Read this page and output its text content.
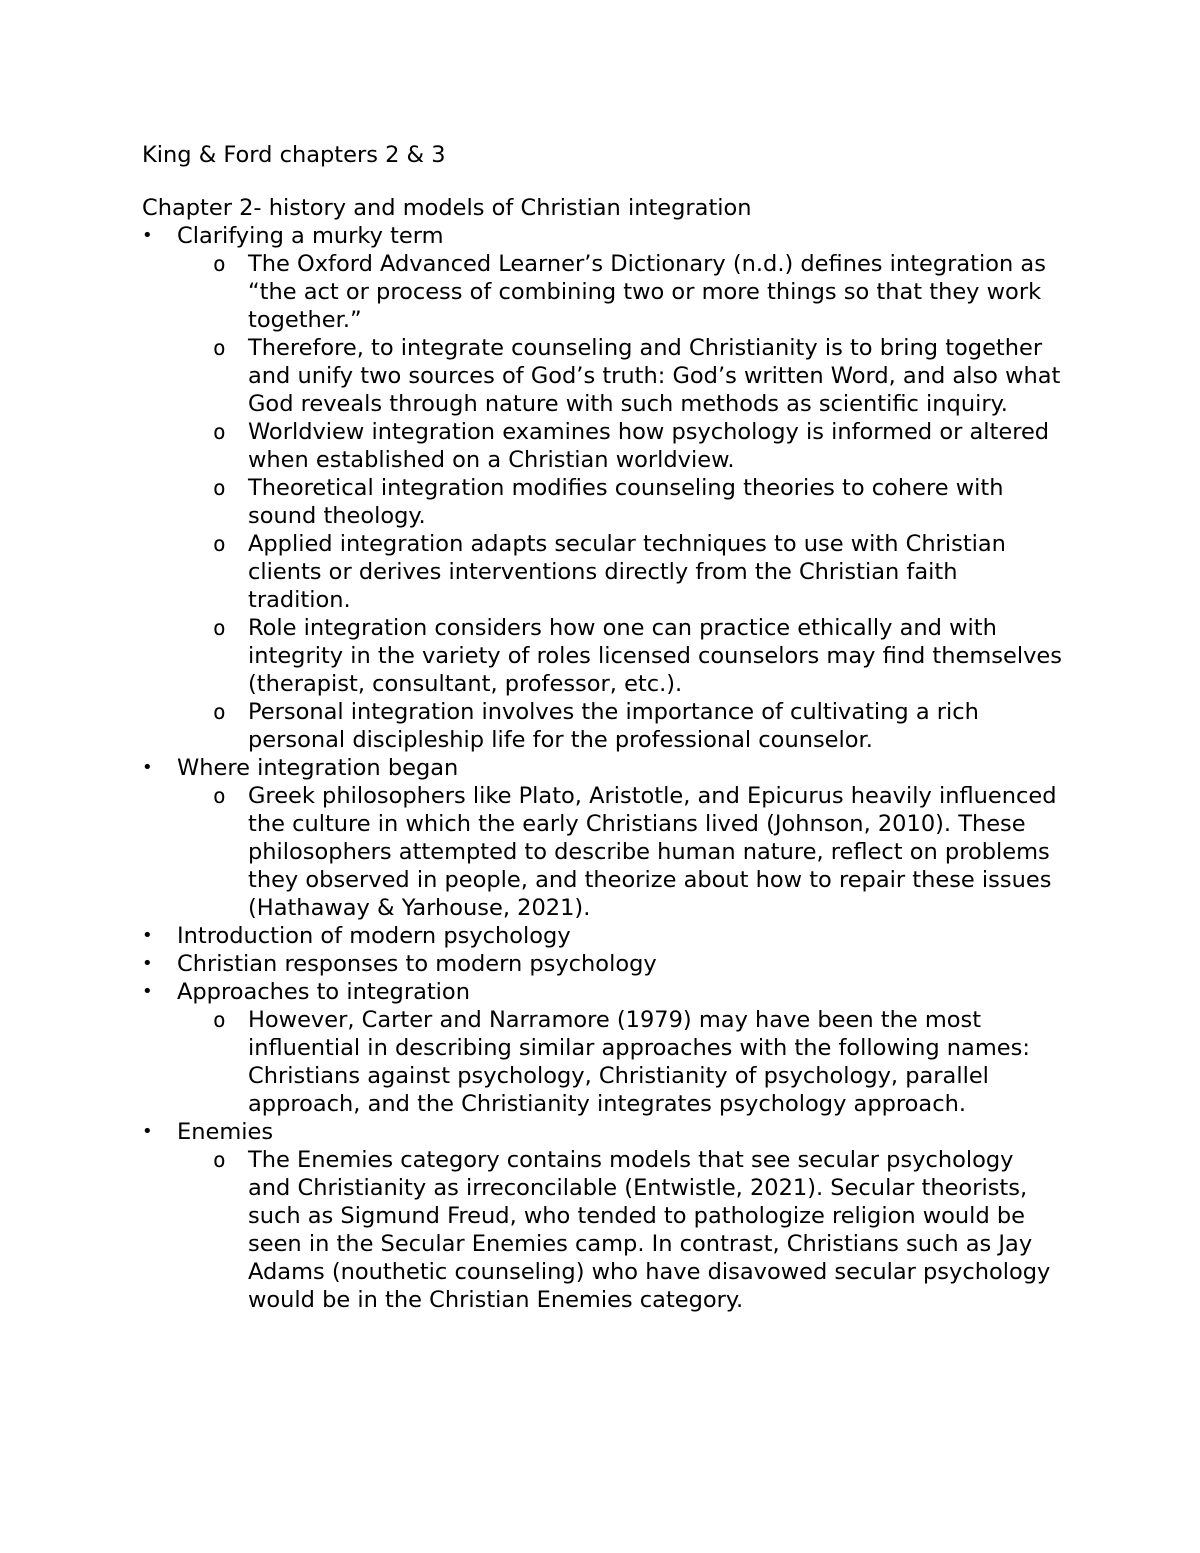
King & Ford chapters 2 & 3

Chapter 2- history and models of Christian integration

•	Clarifying a murky term
o The Oxford Advanced Learner’s Dictionary (n.d.) defines integration as “the act or process of combining two or more things so that they work together.”
o Therefore, to integrate counseling and Christianity is to bring together and unify two sources of God’s truth: God’s written Word, and also what God reveals through nature with such methods as scientific inquiry.
o Worldview integration examines how psychology is informed or altered when established on a Christian worldview.
o Theoretical integration modifies counseling theories to cohere with sound theology.
o Applied integration adapts secular techniques to use with Christian clients or derives interventions directly from the Christian faith tradition.
o Role integration considers how one can practice ethically and with integrity in the variety of roles licensed counselors may find themselves (therapist, consultant, professor, etc.).
o Personal integration involves the importance of cultivating a rich personal discipleship life for the professional counselor.
•	Where integration began
o Greek philosophers like Plato, Aristotle, and Epicurus heavily influenced the culture in which the early Christians lived (Johnson, 2010). These philosophers attempted to describe human nature, reflect on problems they observed in people, and theorize about how to repair these issues (Hathaway & Yarhouse, 2021).
•	Introduction of modern psychology
•	Christian responses to modern psychology
•	Approaches to integration
o However, Carter and Narramore (1979) may have been the most influential in describing similar approaches with the following names: Christians against psychology, Christianity of psychology, parallel approach, and the Christianity integrates psychology approach.
•	Enemies
o The Enemies category contains models that see secular psychology and Christianity as irreconcilable (Entwistle, 2021). Secular theorists, such as Sigmund Freud, who tended to pathologize religion would be seen in the Secular Enemies camp. In contrast, Christians such as Jay Adams (nouthetic counseling) who have disavowed secular psychology would be in the Christian Enemies category.
